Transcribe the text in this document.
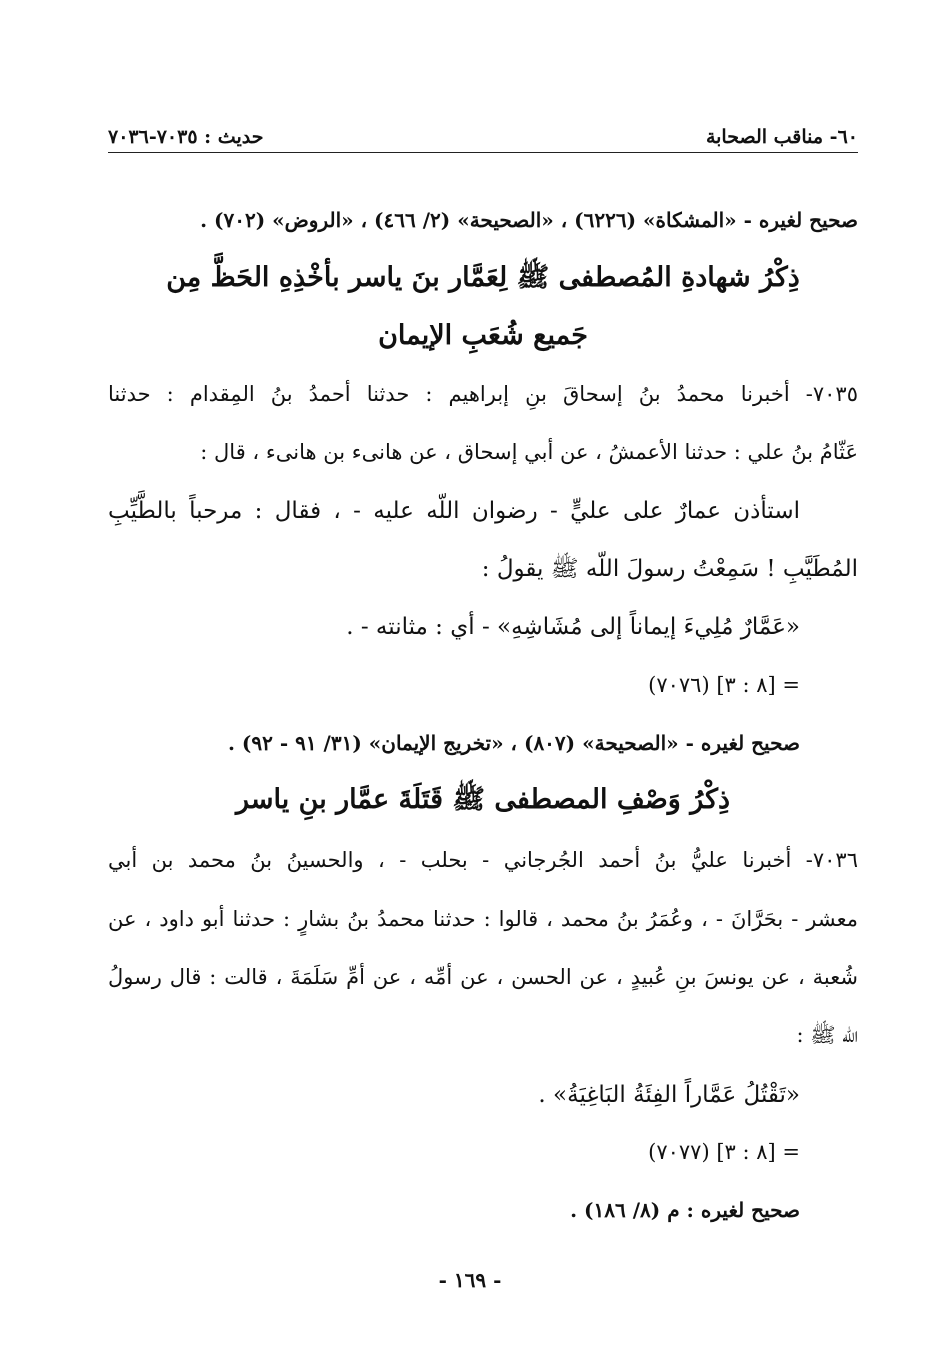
٦٠- مناقب الصحابة
حديث : ٧٠٣٥-٧٠٣٦
صحيح لغيره - «المشكاة» (٦٢٢٦) ، «الصحيحة» (٢/ ٤٦٦) ، «الروض» (٧٠٢) .
ذِكْرُ شهادةِ المُصطفى ﷺ لِعَمَّار بنَ ياسر بأخْذِهِ الحَظَّ مِن
جَميع شُعَبِ الإيمان
٧٠٣٥- أخبرنا محمدُ بنُ إسحاقَ بنِ إبراهيم : حدثنا أحمدُ بنُ المِقدام : حدثنا
عَثّامُ بنُ علي : حدثنا الأعمشُ ، عن أبي إسحاق ، عن هانىء بن هانىء ، قال :
استأذن عمارٌ على عليٍّ - رضوان اللّه عليه - ، فقال : مرحباً بالطَّيِّبِ
المُطَيَّبِ ! سَمِعْتُ رسولَ اللّه ﷺ يقولُ :
«عَمَّارٌ مُلِيءَ إيماناً إلى مُشَاشِهِ» - أي : مثانته - .
= [٨ : ٣] (٧٠٧٦)
صحيح لغيره - «الصحيحة» (٨٠٧) ، «تخريج الإيمان» (٣١/ ٩١ - ٩٢) .
ذِكْرُ وَصْفِ المصطفى ﷺ قَتَلَةَ عمَّار بنِ ياسر
٧٠٣٦- أخبرنا عليُّ بنُ أحمد الجُرجاني - بحلب - ، والحسينُ بنُ محمد بن أبي
معشر - بحَرَّانَ - ، وعُمَرُ بنُ محمد ، قالوا : حدثنا محمدُ بنُ بشارٍ : حدثنا أبو داود ، عن
شُعبة ، عن يونسَ بنِ عُبيدٍ ، عن الحسن ، عن أمِّه ، عن أمِّ سَلَمَةَ ، قالت : قال رسولُ
اللّه ﷺ :
«تَقْتُلُ عَمَّاراً الفِئَةُ البَاغِيَةُ» .
= [٨ : ٣] (٧٠٧٧)
صحيح لغيره : م (٨/ ١٨٦) .
- ١٦٩ -
